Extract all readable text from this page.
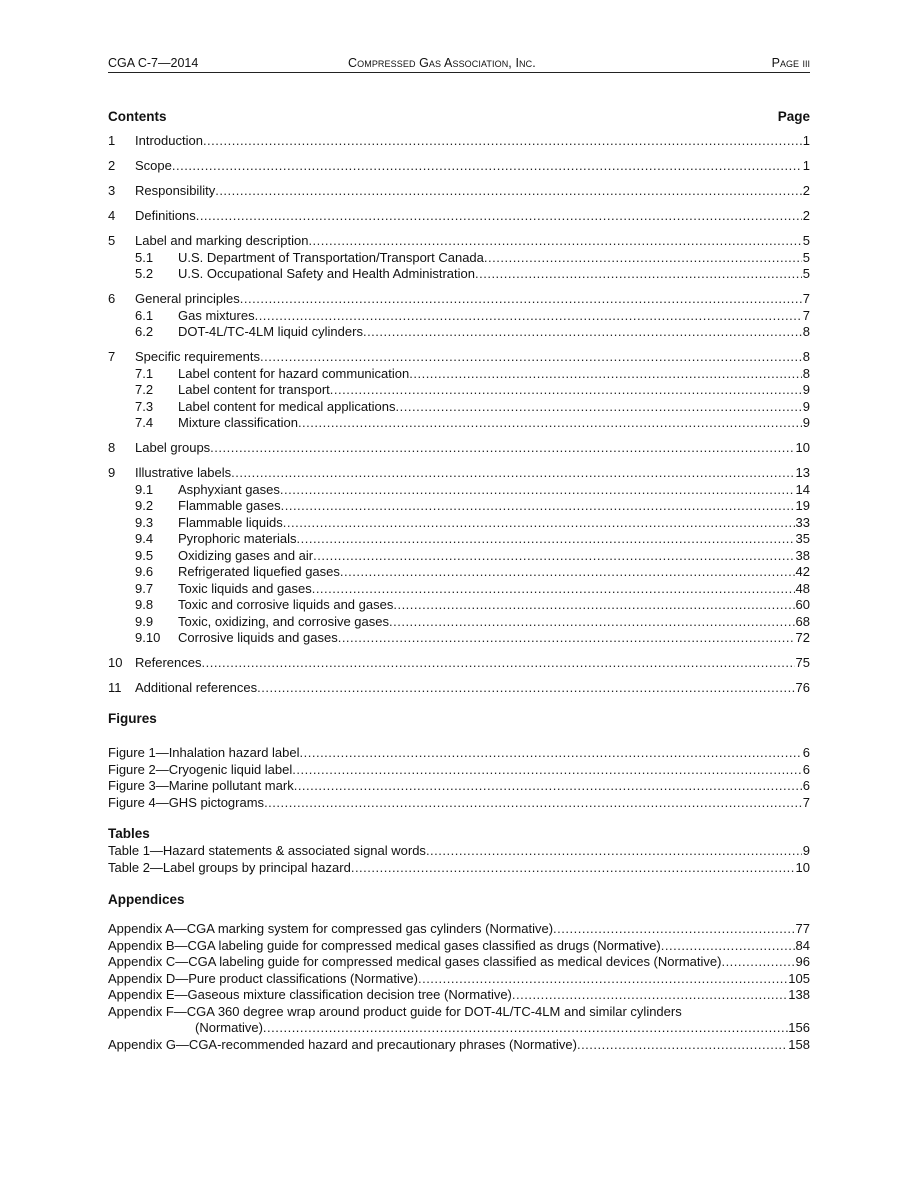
CGA C-7—2014	Compressed Gas Association, Inc.	Page iii
Contents	Page
1	Introduction .....	1
2	Scope .....	1
3	Responsibility .....	2
4	Definitions .....	2
5	Label and marking description .....	5
5.1	U.S. Department of Transportation/Transport Canada .....	5
5.2	U.S. Occupational Safety and Health Administration .....	5
6	General principles .....	7
6.1	Gas mixtures .....	7
6.2	DOT-4L/TC-4LM liquid cylinders .....	8
7	Specific requirements .....	8
7.1	Label content for hazard communication .....	8
7.2	Label content for transport .....	9
7.3	Label content for medical applications .....	9
7.4	Mixture classification .....	9
8	Label groups .....	10
9	Illustrative labels .....	13
9.1	Asphyxiant gases .....	14
9.2	Flammable gases .....	19
9.3	Flammable liquids .....	33
9.4	Pyrophoric materials .....	35
9.5	Oxidizing gases and air .....	38
9.6	Refrigerated liquefied gases .....	42
9.7	Toxic liquids and gases .....	48
9.8	Toxic and corrosive liquids and gases .....	60
9.9	Toxic, oxidizing, and corrosive gases .....	68
9.10	Corrosive liquids and gases .....	72
10 References .....	75
11	Additional references .....	76
Figures
Figure 1—Inhalation hazard label .....	6
Figure 2—Cryogenic liquid label .....	6
Figure 3—Marine pollutant mark .....	6
Figure 4—GHS pictograms .....	7
Tables
Table 1—Hazard statements & associated signal words .....	9
Table 2—Label groups by principal hazard .....	10
Appendices
Appendix A—CGA marking system for compressed gas cylinders (Normative) .....	77
Appendix B—CGA labeling guide for compressed medical gases classified as drugs (Normative) .....	84
Appendix C—CGA labeling guide for compressed medical gases classified as medical devices (Normative) .....	96
Appendix D—Pure product classifications (Normative) .....	105
Appendix E—Gaseous mixture classification decision tree (Normative) .....	138
Appendix F—CGA 360 degree wrap around product guide for DOT-4L/TC-4LM and similar cylinders
(Normative) .....	156
Appendix G—CGA-recommended hazard and precautionary phrases (Normative) .....	158
